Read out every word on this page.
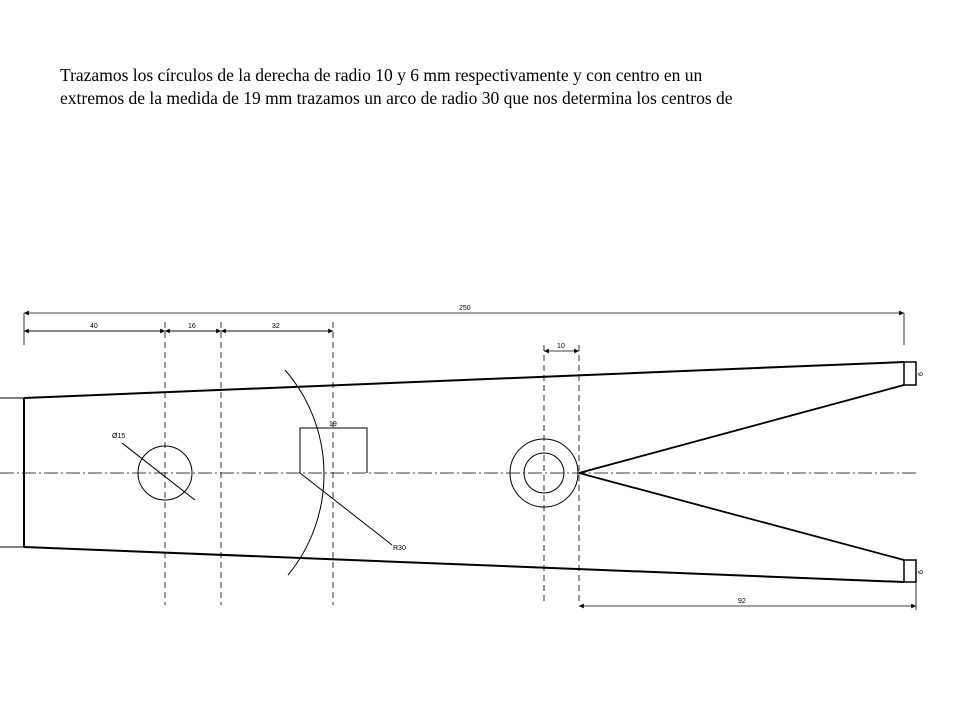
Trazamos los círculos de la derecha de radio 10 y 6 mm respectivamente y con centro en un
extremos de la medida de 19 mm trazamos un arco de radio 30 que nos determina los centros de
Ø15
R30
19
250
40	16	32
10
6
6
92
